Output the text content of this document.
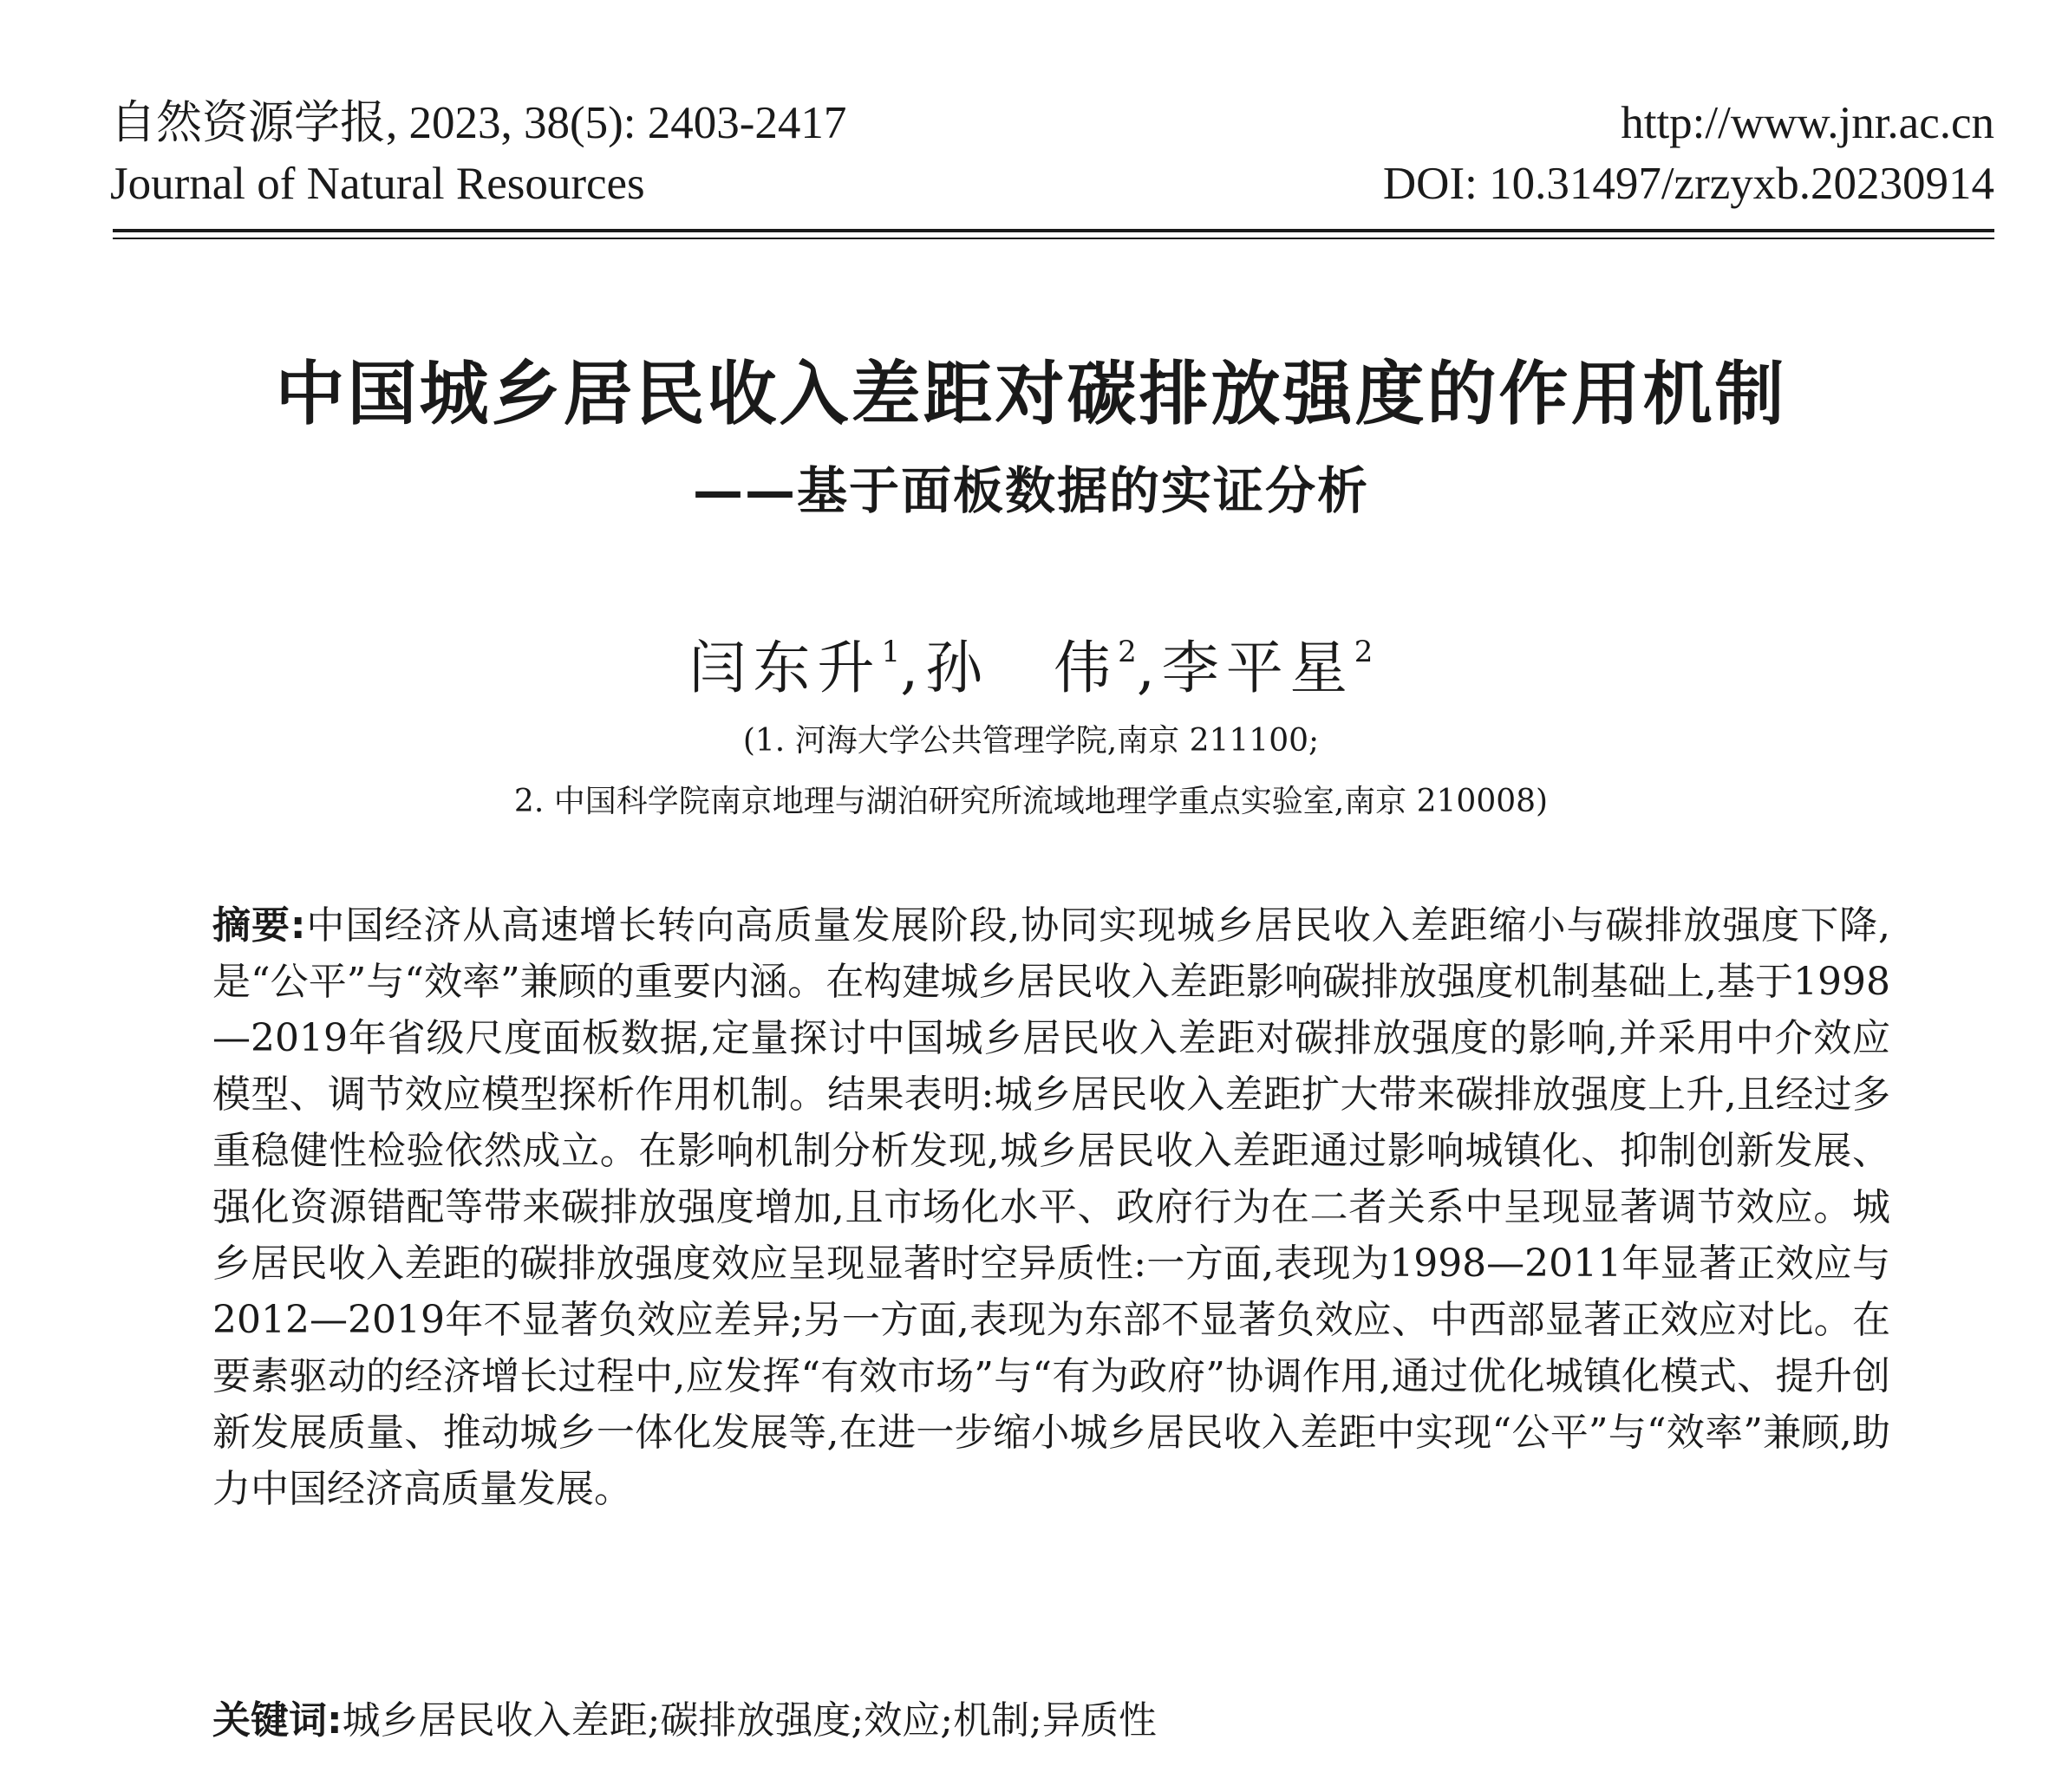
自然资源学报, 2023, 38(5): 2403-2417
Journal of Natural Resources
http://www.jnr.ac.cn
DOI: 10.31497/zrzyxb.20230914
中国城乡居民收入差距对碳排放强度的作用机制
——基于面板数据的实证分析
闫东升$^1$,孙　伟$^2$,李平星$^2$
(1. 河海大学公共管理学院,南京 211100;
2. 中国科学院南京地理与湖泊研究所流域地理学重点实验室,南京 210008)

摘要:中国经济从高速增长转向高质量发展阶段,协同实现城乡居民收入差距缩小与碳排放强度下降,是“公平”与“效率”兼顾的重要内涵。在构建城乡居民收入差距影响碳排放强度机制基础上,基于1998—2019年省级尺度面板数据,定量探讨中国城乡居民收入差距对碳排放强度的影响,并采用中介效应模型、调节效应模型探析作用机制。结果表明:城乡居民收入差距扩大带来碳排放强度上升,且经过多重稳健性检验依然成立。在影响机制分析发现,城乡居民收入差距通过影响城镇化、抑制创新发展、强化资源错配等带来碳排放强度增加,且市场化水平、政府行为在二者关系中呈现显著调节效应。城乡居民收入差距的碳排放强度效应呈现显著时空异质性:一方面,表现为1998—2011年显著正效应与2012—2019年不显著负效应差异;另一方面,表现为东部不显著负效应、中西部显著正效应对比。在要素驱动的经济增长过程中,应发挥“有效市场”与“有为政府”协调作用,通过优化城镇化模式、提升创新发展质量、推动城乡一体化发展等,在进一步缩小城乡居民收入差距中实现“公平”与“效率”兼顾,助力中国经济高质量发展。

关键词:城乡居民收入差距;碳排放强度;效应;机制;异质性
